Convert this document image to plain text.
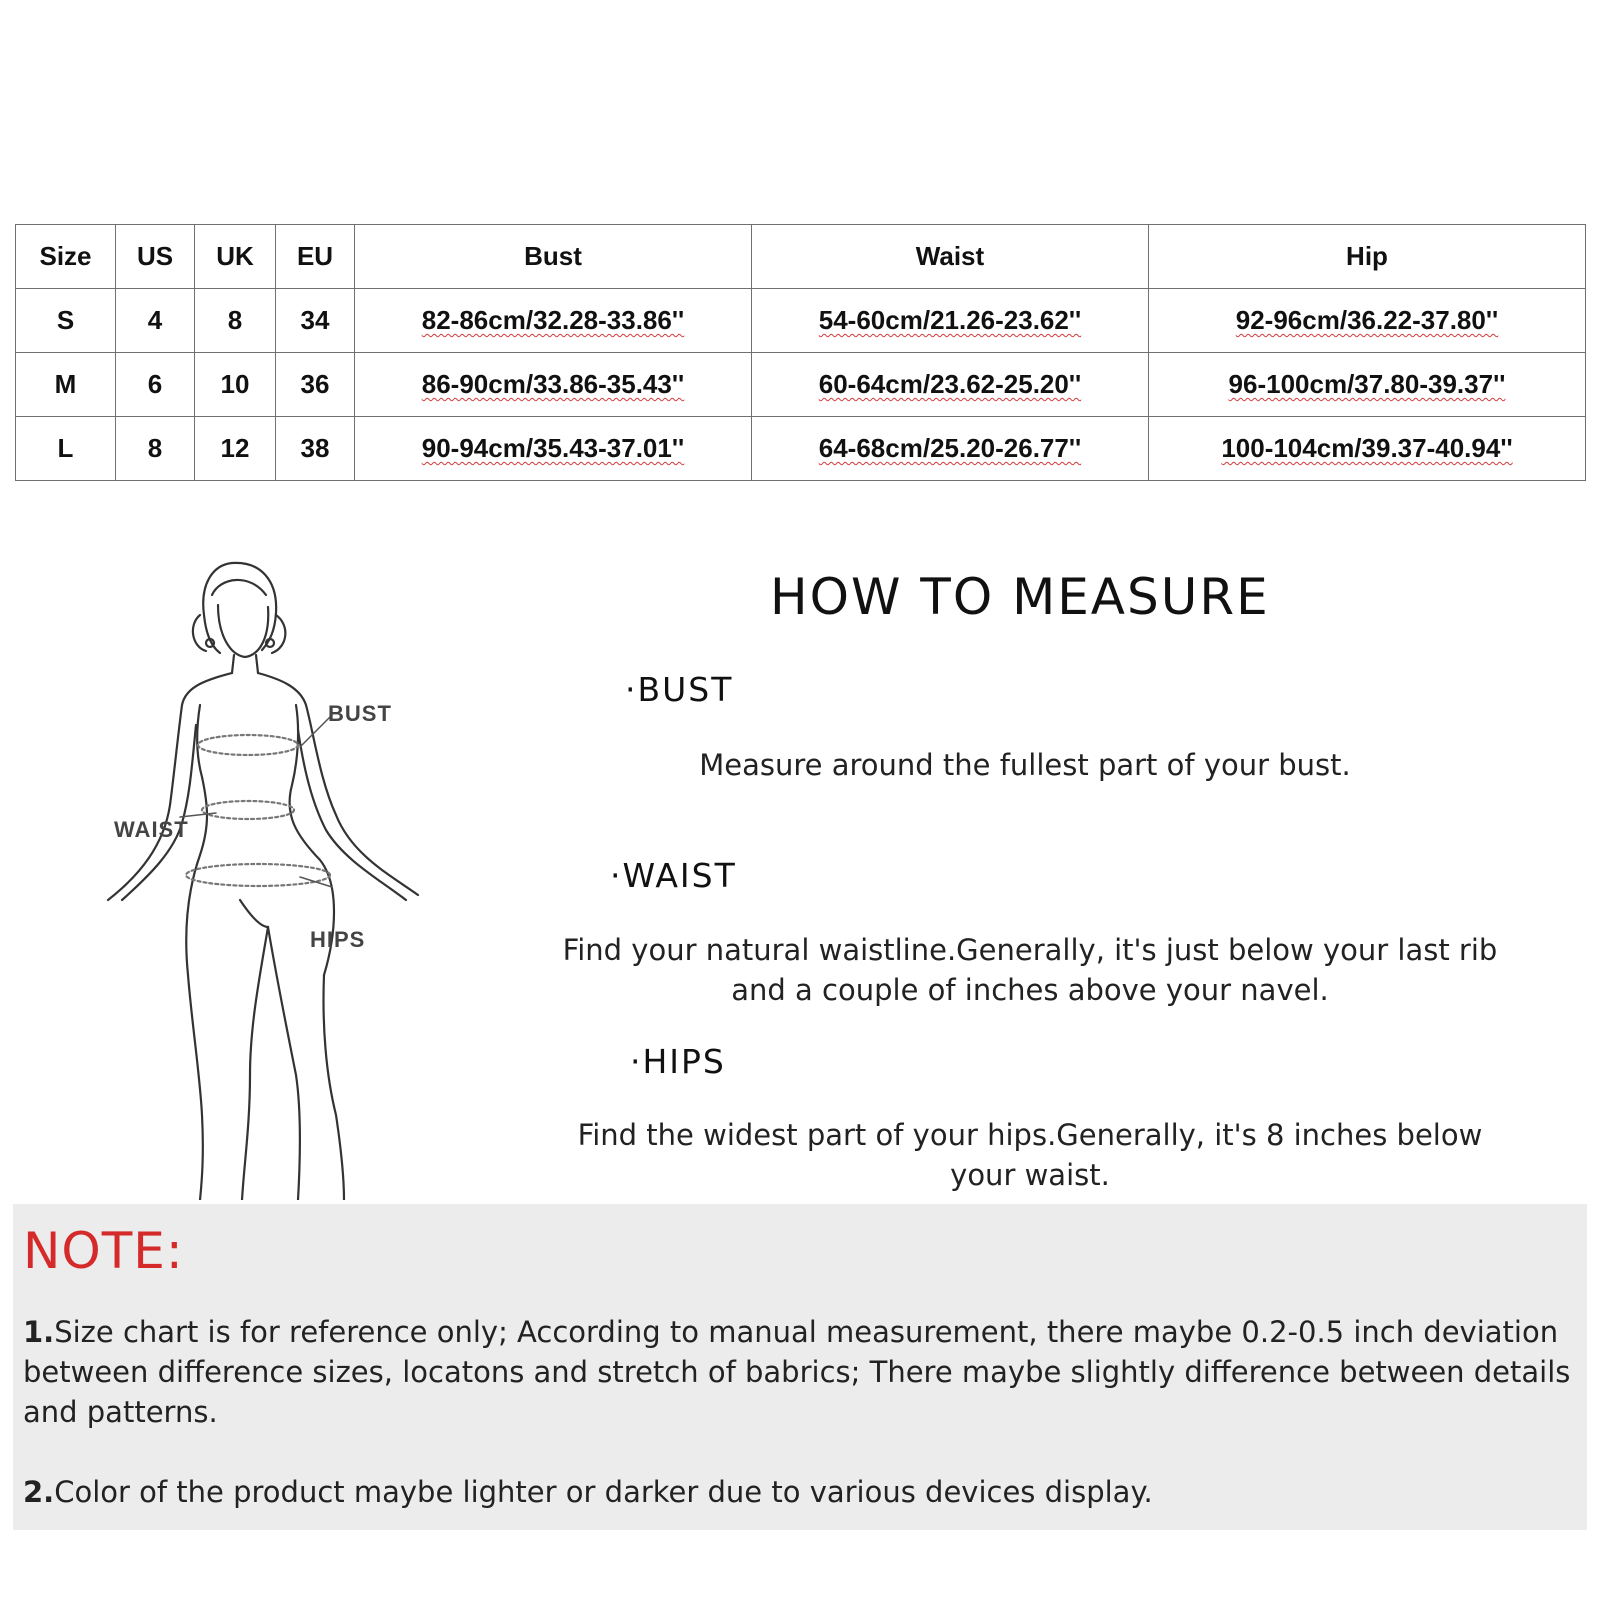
Size	US	UK	EU	Bust	Waist	Hip
S	4	8	34	82-86cm/32.28-33.86''	54-60cm/21.26-23.62''	92-96cm/36.22-37.80''
M	6	10	36	86-90cm/33.86-35.43''	60-64cm/23.62-25.20''	96-100cm/37.80-39.37''
L	8	12	38	90-94cm/35.43-37.01''	64-68cm/25.20-26.77''	100-104cm/39.37-40.94''
BUST
WAIST
HIPS
HOW TO MEASURE
·BUST
Measure around the fullest part of your bust.
·WAIST
Find your natural waistline.Generally, it's just below your last rib
and a couple of inches above your navel.
·HIPS
Find the widest part of your hips.Generally, it's 8 inches below
your waist.
NOTE:
1.Size chart is for reference only; According to manual measurement, there maybe 0.2-0.5 inch deviation between difference sizes, locatons and stretch of babrics; There maybe slightly difference between details and patterns.
2.Color of the product maybe lighter or darker due to various devices display.
